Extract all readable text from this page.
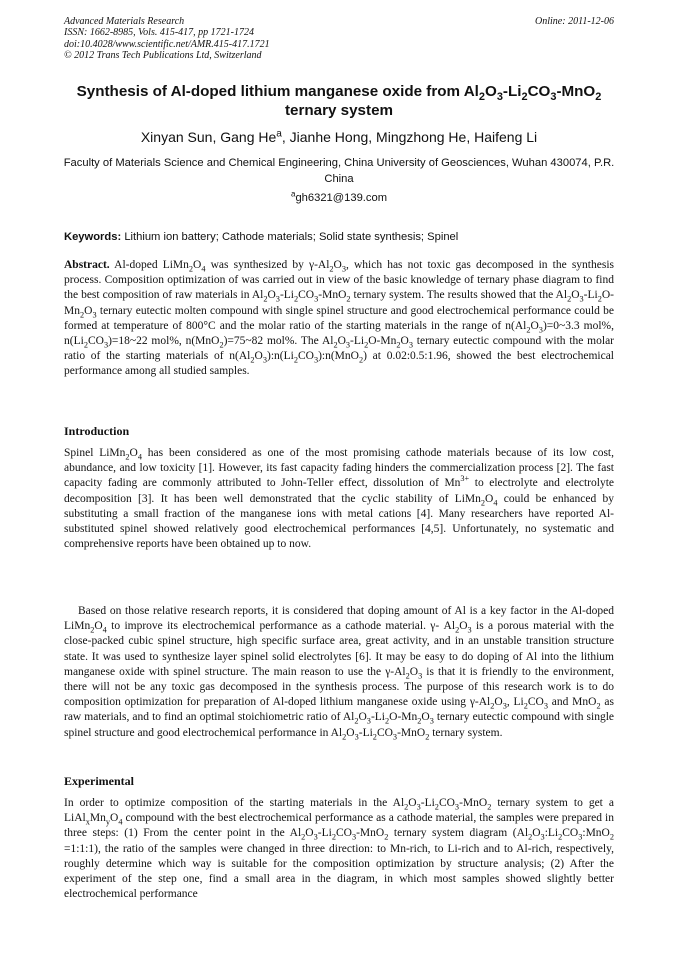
Advanced Materials Research
ISSN: 1662-8985, Vols. 415-417, pp 1721-1724
doi:10.4028/www.scientific.net/AMR.415-417.1721
© 2012 Trans Tech Publications Ltd, Switzerland
Online: 2011-12-06
Synthesis of Al-doped lithium manganese oxide from $Al_2O_3-Li_2CO_3-MnO_2$
ternary system
Xinyan Sun, Gang He$^a$, Jianhe Hong, Mingzhong He, Haifeng Li
Faculty of Materials Science and Chemical Engineering, China University of Geosciences, Wuhan 430074, P.R. China
$^a$gh6321@139.com
Keywords: Lithium ion battery; Cathode materials; Solid state synthesis; Spinel

Abstract. Al-doped $LiMn_2O_4$ was synthesized by $\gamma-Al_2O_3$, which has not toxic gas decomposed in the synthesis process. Composition optimization of was carried out in view of the basic knowledge of ternary phase diagram to find the best composition of raw materials in $Al_2O_3-Li_2CO_3-MnO_2$ ternary system. The results showed that the $Al_2O_3-Li_2O-Mn_2O_3$ ternary eutectic molten compound with single spinel structure and good electrochemical performance could be formed at temperature of 800°C and the molar ratio of the starting materials in the range of $n(Al_2O_3)=0\sim 3.3$ mol%, $n(Li_2CO_3)=18\sim 22$ mol%, n(MnO$_2$)=75~82 mol%. The $Al_2O_3-Li_2O-Mn_2O_3$ ternary eutectic compound with the molar ratio of the starting materials of $n(Al_2O_3):n(Li_2CO_3):n(MnO_2)$ at 0.02:0.5:1.96, showed the best electrochemical performance among all studied samples.

Introduction

Spinel $LiMn_2O_4$ has been considered as one of the most promising cathode materials because of its low cost, abundance, and low toxicity [1]. However, its fast capacity fading hinders the commercialization process [2]. The fast capacity fading are commonly attributed to John-Teller effect, dissolution of $Mn^{3+}$ to electrolyte and electrolyte decomposition [3]. It has been well demonstrated that the cyclic stability of $LiMn_2O_4$ could be enhanced by substituting a small fraction of the manganese ions with metal cations [4]. Many researchers have reported Al-substituted spinel showed relatively good electrochemical performances [4,5]. Unfortunately, no systematic and comprehensive reports have been obtained up to now.

Based on those relative research reports, it is considered that doping amount of Al is a key factor in the Al-doped $LiMn_2O_4$ to improve its electrochemical performance as a cathode material. γ- $Al_2O_3$ is a porous material with the close-packed cubic spinel structure, high specific surface area, great activity, and in an unstable transition structure state. It was used to synthesize layer spinel solid electrolytes [6]. It may be easy to do doping of Al into the lithium manganese oxide with spinel structure. The main reason to use the $\gamma-Al_2O_3$ is that it is friendly to the environment, there will not be any toxic gas decomposed in the synthesis process. The purpose of this research work is to do composition optimization for preparation of Al-doped lithium manganese oxide using $\gamma-Al_2O_3$, $Li_2CO_3$ and MnO$_2$ as raw materials, and to find an optimal stoichiometric ratio of $Al_2O_3-Li_2O-Mn_2O_3$ ternary eutectic compound with single spinel structure and good electrochemical performance in $Al_2O_3-Li_2CO_3-MnO_2$ ternary system.

Experimental

In order to optimize composition of the starting materials in the $Al_2O_3-Li_2CO_3-MnO_2$ ternary system to get a $LiAl_xMn_yO_4$ compound with the best electrochemical performance as a cathode material, the samples were prepared in three steps: (1) From the center point in the $Al_2O_3-Li_2CO_3-MnO_2$ ternary system diagram ($Al_2O_3:Li_2CO_3:MnO_2$ =1:1:1), the ratio of the samples were changed in three direction: to Mn-rich, to Li-rich and to Al-rich, respectively, roughly determine which way is suitable for the composition optimization by structure analysis; (2) After the experiment of the step one, find a small area in the diagram, in which most samples showed slightly better electrochemical performance
